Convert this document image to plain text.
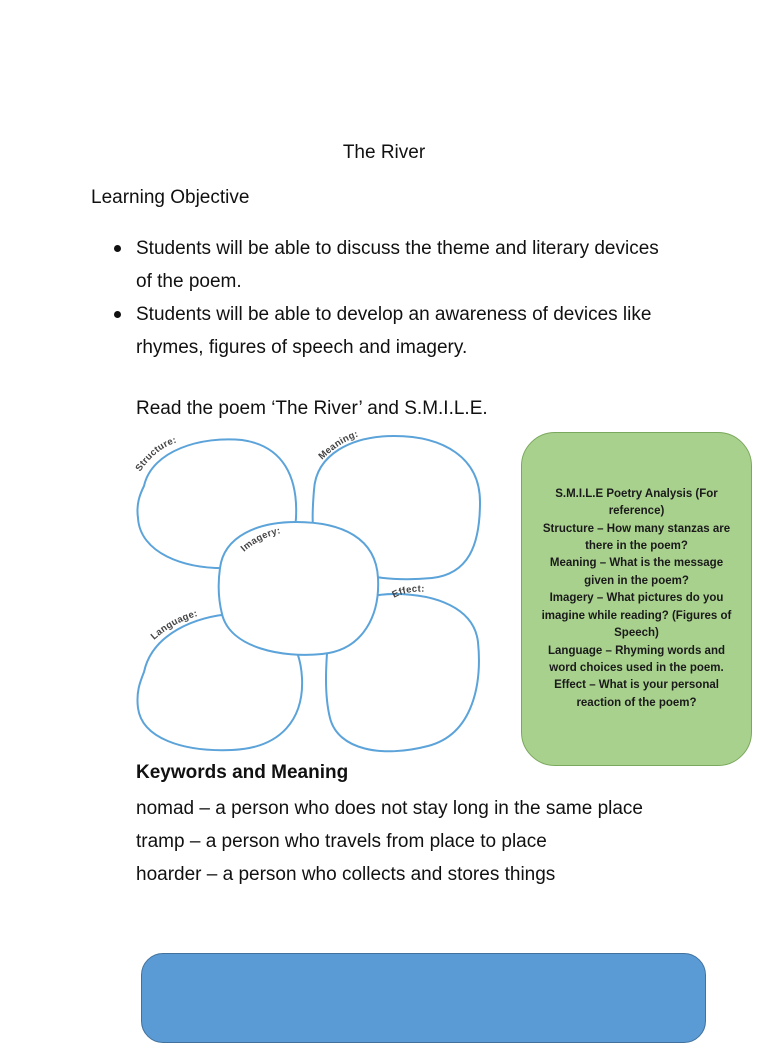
The River
Learning Objective
Students will be able to discuss the theme and literary devices of the poem.
Students will be able to develop an awareness of devices like rhymes, figures of speech and imagery.
Read the poem ‘The River’ and S.M.I.L.E.
Structure:
Meaning:
Imagery:
Effect:
Language:
S.M.I.L.E Poetry Analysis (For reference)
Structure – How many stanzas are there in the poem?
Meaning – What is the message given in the poem?
Imagery – What pictures do you imagine while reading? (Figures of Speech)
Language – Rhyming words and word choices used in the poem.
Effect – What is your personal reaction of the poem?
Keywords and Meaning
nomad – a person who does not stay long in the same place
tramp – a person who travels from place to place
hoarder – a person who collects and stores things
